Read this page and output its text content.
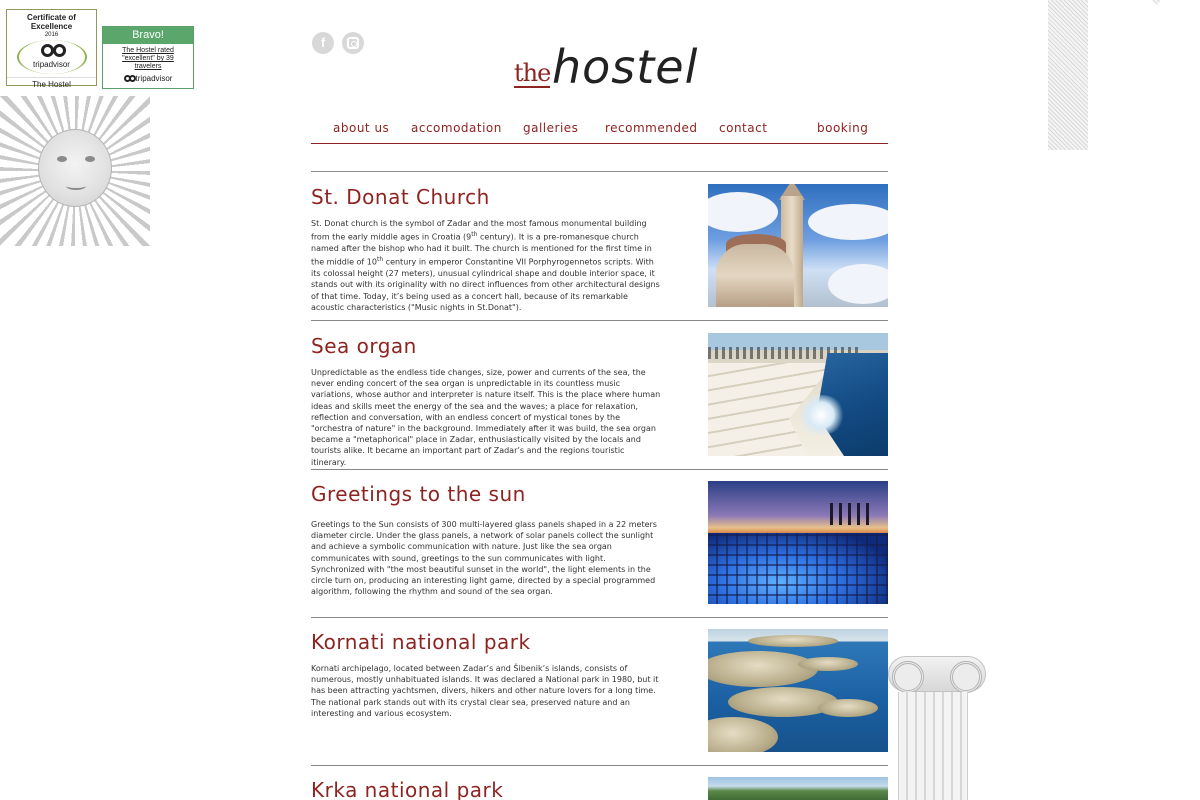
Certificate of Excellence
2016
tripadvisor
The Hostel
Bravo!
The Hostel rated "excellent" by 39 travelers
tripadvisor
f
the hostel
about us accomodation galleries recommended contact	booking
St. Donat Church

St. Donat church is the symbol of Zadar and the most famous monumental building from the early middle ages in Croatia (9th century). It is a pre-romanesque church named after the bishop who had it built. The church is mentioned for the first time in the middle of 10th century in emperor Constantine VII Porphyrogennetos scripts. With its colossal height (27 meters), unusual cylindrical shape and double interior space, it stands out with its originality with no direct influences from other architectural designs of that time. Today, it’s being used as a concert hall, because of its remarkable acoustic characteristics ("Music nights in St.Donat").

Sea organ

Unpredictable as the endless tide changes, size, power and currents of the sea, the never ending concert of the sea organ is unpredictable in its countless music variations, whose author and interpreter is nature itself. This is the place where human ideas and skills meet the energy of the sea and the waves; a place for relaxation, reflection and conversation, with an endless concert of mystical tones by the "orchestra of nature" in the background. Immediately after it was build, the sea organ became a "metaphorical" place in Zadar, enthusiastically visited by the locals and tourists alike. It became an important part of Zadar’s and the regions touristic itinerary.

Greetings to the sun

Greetings to the Sun consists of 300 multi-layered glass panels shaped in a 22 meters diameter circle. Under the glass panels, a network of solar panels collect the sunlight and achieve a symbolic communication with nature. Just like the sea organ communicates with sound, greetings to the sun communicates with light. Synchronized with "the most beautiful sunset in the world", the light elements in the circle turn on, producing an interesting light game, directed by a special programmed algorithm, following the rhythm and sound of the sea organ.

Kornati national park

Kornati archipelago, located between Zadar’s and Šibenik’s islands, consists of numerous, mostly unhabituated islands. It was declared a National park in 1980, but it has been attracting yachtsmen, divers, hikers and other nature lovers for a long time. The national park stands out with its crystal clear sea, preserved nature and an interesting and various ecosystem.

Krka national park
